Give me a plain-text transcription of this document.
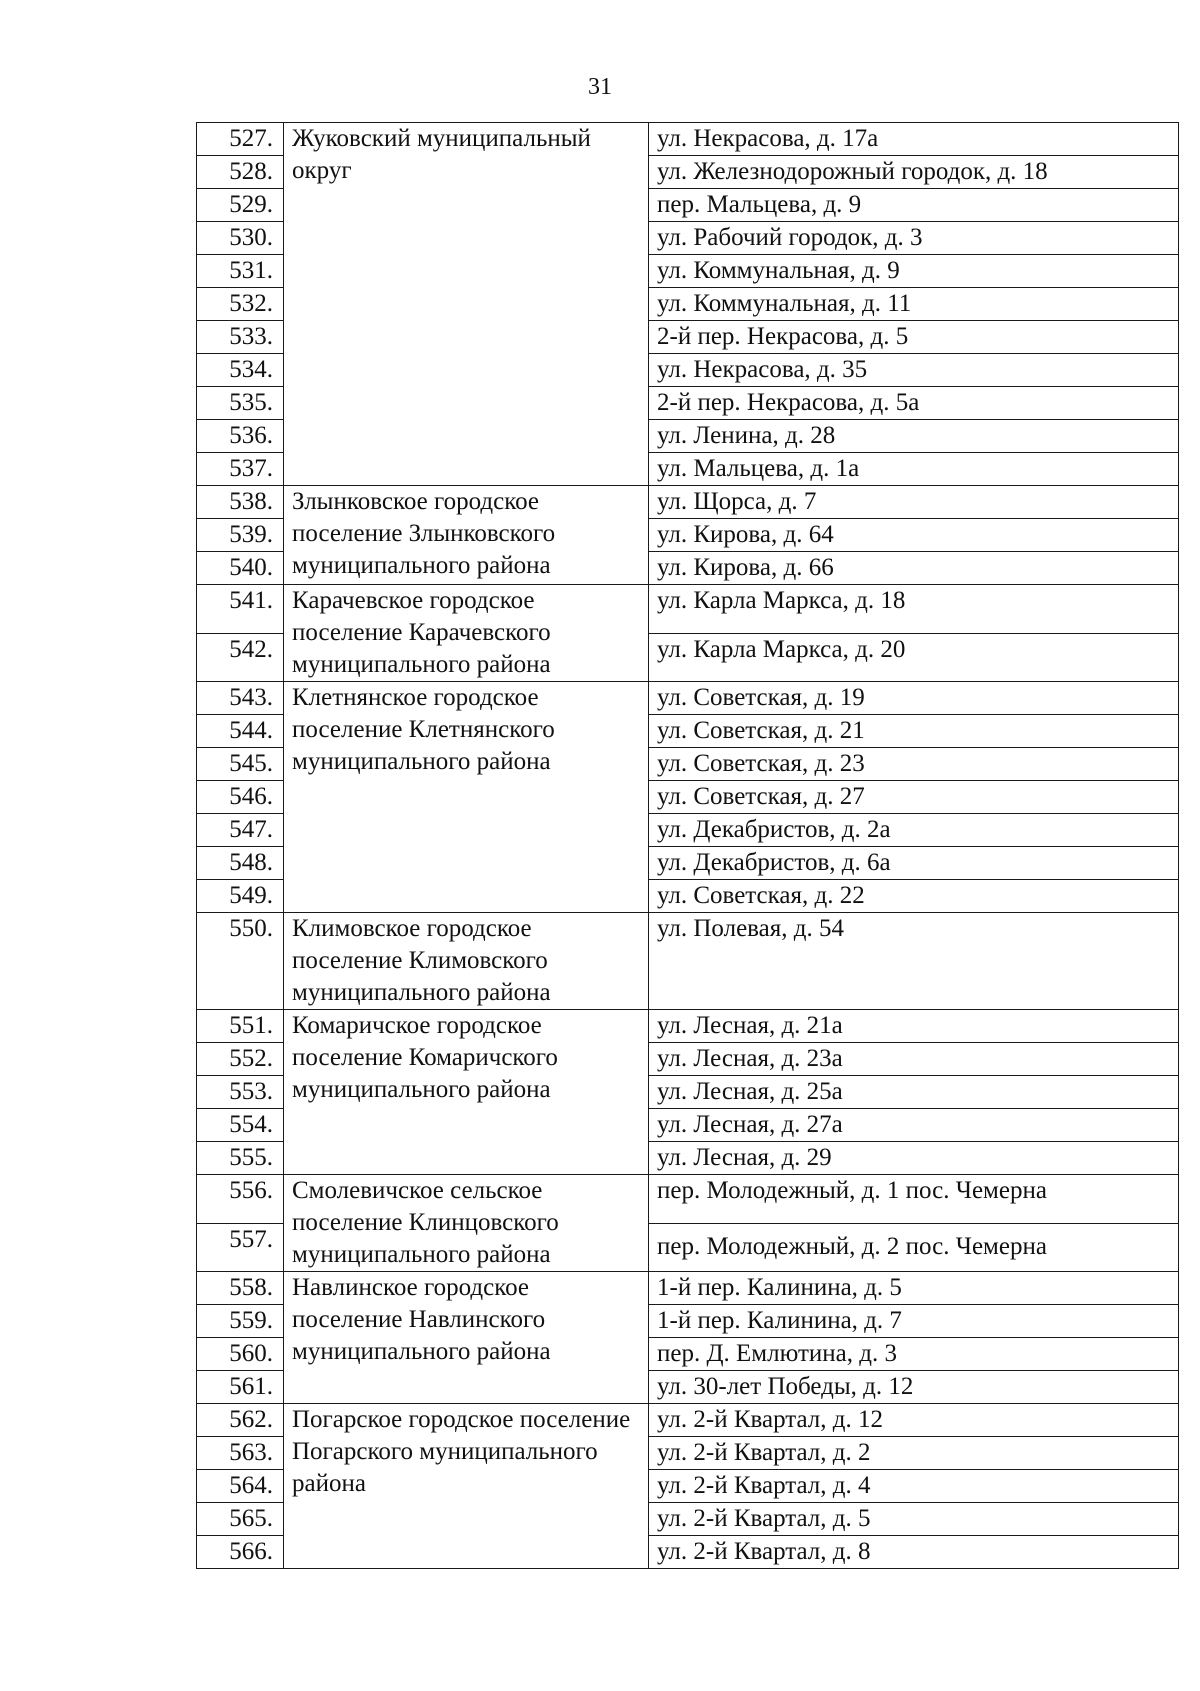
31
527.	Жуковский муниципальный округ	ул. Некрасова, д. 17а
528.		ул. Железнодорожный городок, д. 18
529.		пер. Мальцева, д. 9
530.		ул. Рабочий городок, д. 3
531.		ул. Коммунальная, д. 9
532.		ул. Коммунальная, д. 11
533.		2-й пер. Некрасова, д. 5
534.		ул. Некрасова, д. 35
535.		2-й пер. Некрасова, д. 5а
536.		ул. Ленина, д. 28
537.		ул. Мальцева, д. 1а
538.	Злынковское городское поселение Злынковского муниципального района	ул. Щорса, д. 7
539.		ул. Кирова, д. 64
540.		ул. Кирова, д. 66
541.	Карачевское городское поселение Карачевского муниципального района	ул. Карла Маркса, д. 18
542.		ул. Карла Маркса, д. 20
543.	Клетнянское городское поселение Клетнянского муниципального района	ул. Советская, д. 19
544.		ул. Советская, д. 21
545.		ул. Советская, д. 23
546.		ул. Советская, д. 27
547.		ул. Декабристов, д. 2а
548.		ул. Декабристов, д. 6а
549.		ул. Советская, д. 22
550.	Климовское городское поселение Климовского муниципального района	ул. Полевая, д. 54
551.	Комаричское городское поселение Комаричского муниципального района	ул. Лесная, д. 21а
552.		ул. Лесная, д. 23а
553.		ул. Лесная, д. 25а
554.		ул. Лесная, д. 27а
555.		ул. Лесная, д. 29
556.	Смолевичское сельское поселение Клинцовского муниципального района	пер. Молодежный, д. 1 пос. Чемерна
557.		пер. Молодежный, д. 2 пос. Чемерна
558.	Навлинское городское поселение Навлинского муниципального района	1-й пер. Калинина, д. 5
559.		1-й пер. Калинина, д. 7
560.		пер. Д. Емлютина, д. 3
561.		ул. 30-лет Победы, д. 12
562.	Погарское городское поселение Погарского муниципального района	ул. 2-й Квартал, д. 12
563.		ул. 2-й Квартал, д. 2
564.		ул. 2-й Квартал, д. 4
565.		ул. 2-й Квартал, д. 5
566.		ул. 2-й Квартал, д. 8
